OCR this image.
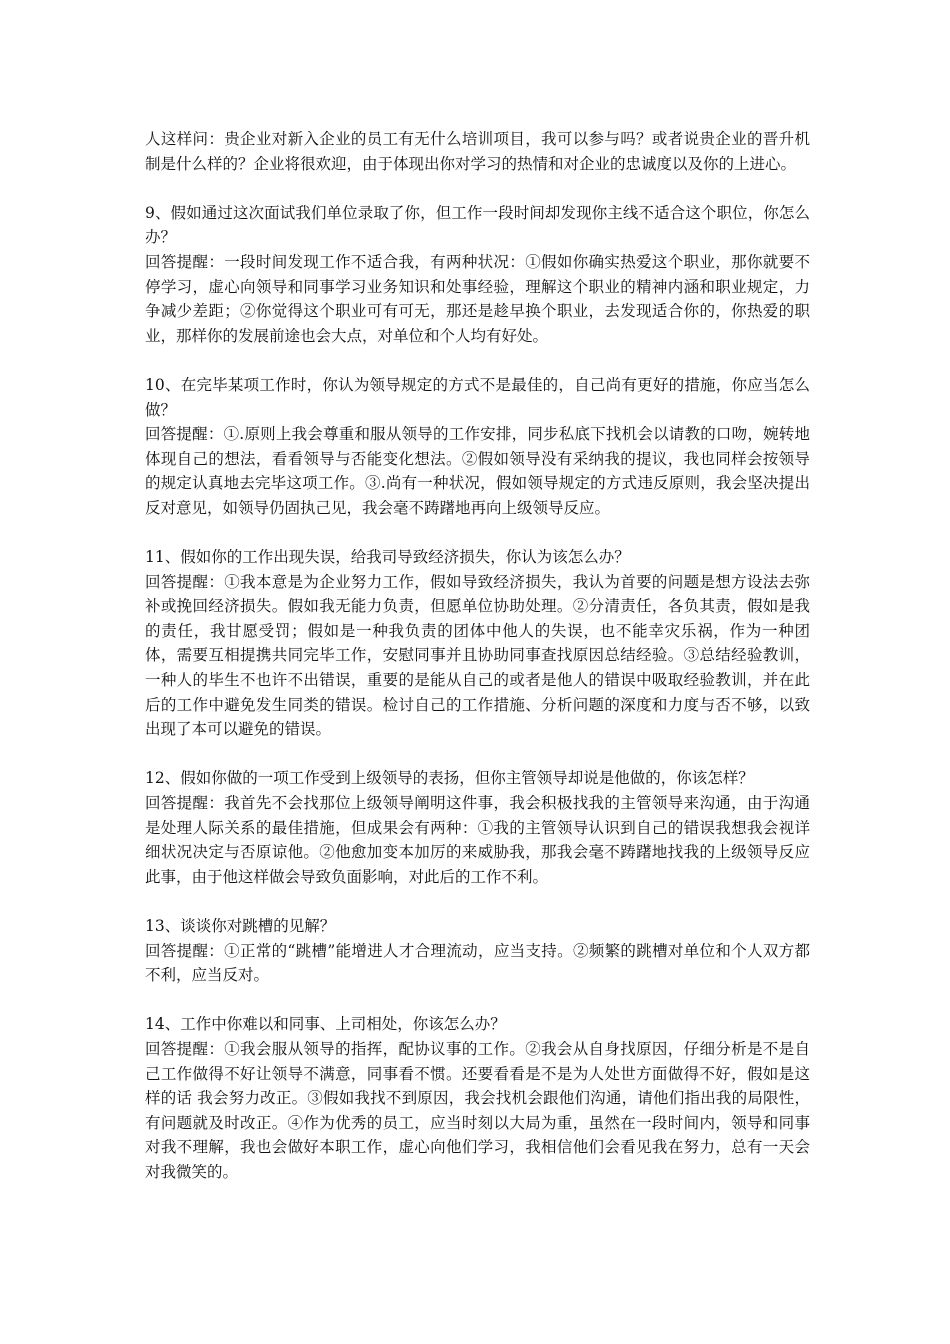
人这样问：贵企业对新入企业的员工有无什么培训项目，我可以参与吗？或者说贵企业的晋升机制是什么样的？企业将很欢迎，由于体现出你对学习的热情和对企业的忠诚度以及你的上进心。

9、假如通过这次面试我们单位录取了你，但工作一段时间却发现你主线不适合这个职位，你怎么办？

回答提醒：一段时间发现工作不适合我，有两种状况：①假如你确实热爱这个职业，那你就要不停学习，虚心向领导和同事学习业务知识和处事经验，理解这个职业的精神内涵和职业规定，力争减少差距；②你觉得这个职业可有可无，那还是趁早换个职业，去发现适合你的，你热爱的职业，那样你的发展前途也会大点，对单位和个人均有好处。

10、在完毕某项工作时，你认为领导规定的方式不是最佳的，自己尚有更好的措施，你应当怎么做？

回答提醒：①.原则上我会尊重和服从领导的工作安排，同步私底下找机会以请教的口吻，婉转地体现自己的想法，看看领导与否能变化想法。②假如领导没有采纳我的提议，我也同样会按领导的规定认真地去完毕这项工作。③.尚有一种状况，假如领导规定的方式违反原则，我会坚决提出反对意见，如领导仍固执己见，我会毫不踌躇地再向上级领导反应。

11、假如你的工作出现失误，给我司导致经济损失，你认为该怎么办？

回答提醒：①我本意是为企业努力工作，假如导致经济损失，我认为首要的问题是想方设法去弥补或挽回经济损失。假如我无能力负责，但愿单位协助处理。②分清责任，各负其责，假如是我的责任，我甘愿受罚；假如是一种我负责的团体中他人的失误，也不能幸灾乐祸，作为一种团体，需要互相提携共同完毕工作，安慰同事并且协助同事查找原因总结经验。③总结经验教训，一种人的毕生不也许不出错误，重要的是能从自己的或者是他人的错误中吸取经验教训，并在此后的工作中避免发生同类的错误。检讨自己的工作措施、分析问题的深度和力度与否不够，以致出现了本可以避免的错误。

12、假如你做的一项工作受到上级领导的表扬，但你主管领导却说是他做的，你该怎样？

回答提醒：我首先不会找那位上级领导阐明这件事，我会积极找我的主管领导来沟通，由于沟通是处理人际关系的最佳措施，但成果会有两种：①我的主管领导认识到自己的错误我想我会视详细状况决定与否原谅他。②他愈加变本加厉的来威胁我，那我会毫不踌躇地找我的上级领导反应此事，由于他这样做会导致负面影响，对此后的工作不利。

13、谈谈你对跳槽的见解？

回答提醒：①正常的“跳槽”能增进人才合理流动，应当支持。②频繁的跳槽对单位和个人双方都不利，应当反对。

14、工作中你难以和同事、上司相处，你该怎么办？

回答提醒：①我会服从领导的指挥，配协议事的工作。②我会从自身找原因，仔细分析是不是自己工作做得不好让领导不满意，同事看不惯。还要看看是不是为人处世方面做得不好，假如是这样的话 我会努力改正。③假如我找不到原因，我会找机会跟他们沟通，请他们指出我的局限性，有问题就及时改正。④作为优秀的员工，应当时刻以大局为重，虽然在一段时间内，领导和同事对我不理解，我也会做好本职工作，虚心向他们学习，我相信他们会看见我在努力，总有一天会对我微笑的。
